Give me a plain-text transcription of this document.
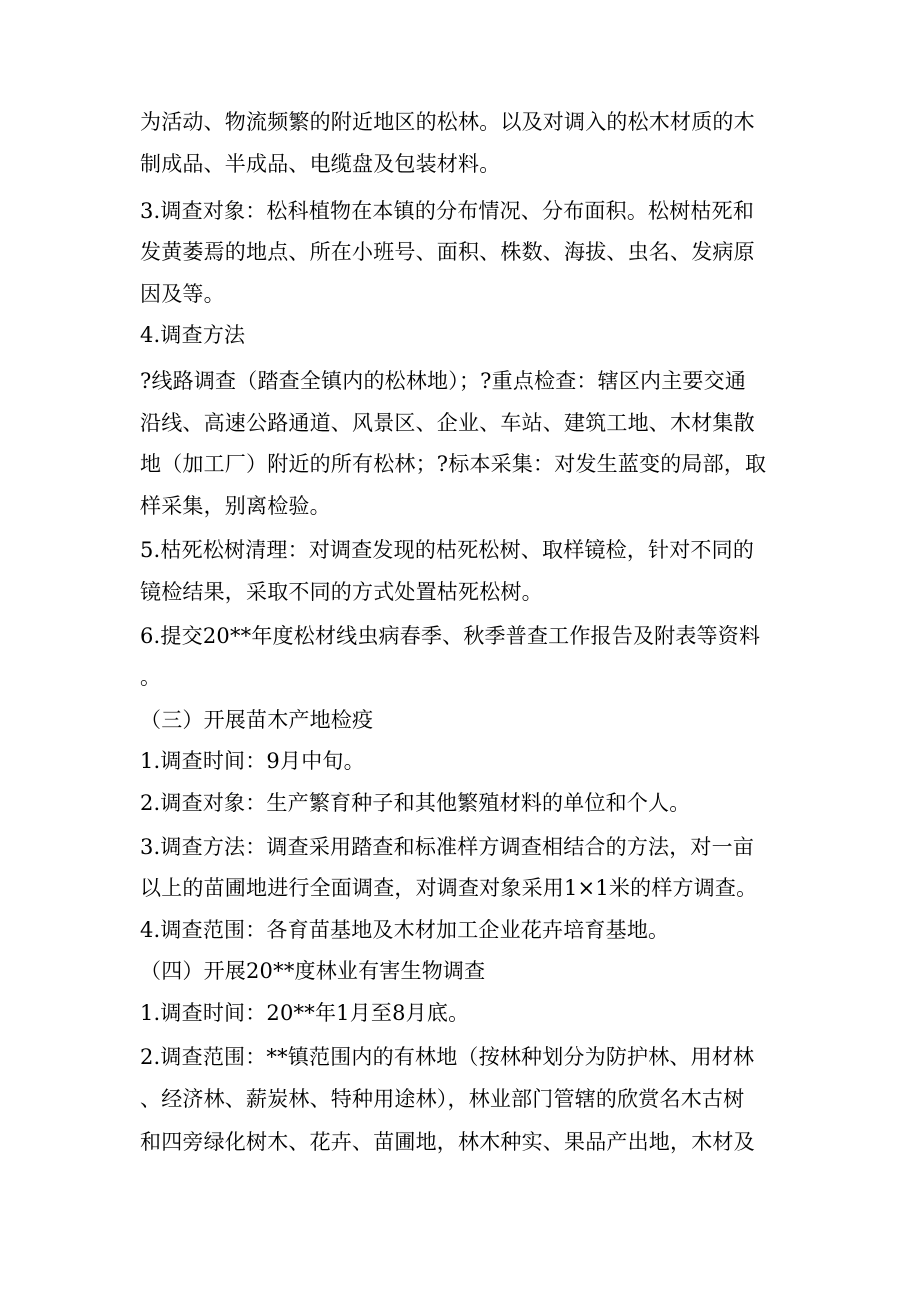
为活动、物流频繁的附近地区的松林。以及对调入的松木材质的木
制成品、半成品、电缆盘及包装材料。
3.调查对象：松科植物在本镇的分布情况、分布面积。松树枯死和
发黄萎焉的地点、所在小班号、面积、株数、海拔、虫名、发病原
因及等。
4.调查方法
?线路调查（踏查全镇内的松林地）；?重点检查：辖区内主要交通
沿线、高速公路通道、风景区、企业、车站、建筑工地、木材集散
地（加工厂）附近的所有松林；?标本采集：对发生蓝变的局部，取
样采集，别离检验。
5.枯死松树清理：对调查发现的枯死松树、取样镜检，针对不同的
镜检结果，采取不同的方式处置枯死松树。
6.提交20**年度松材线虫病春季、秋季普查工作报告及附表等资料
。
（三）开展苗木产地检疫
1.调查时间：9月中旬。
2.调查对象：生产繁育种子和其他繁殖材料的单位和个人。
3.调查方法：调查采用踏查和标准样方调查相结合的方法，对一亩
以上的苗圃地进行全面调查，对调查对象采用1×1米的样方调查。
4.调查范围：各育苗基地及木材加工企业花卉培育基地。
（四）开展20**度林业有害生物调查
1.调查时间：20**年1月至8月底。
2.调查范围：**镇范围内的有林地（按林种划分为防护林、用材林
、经济林、薪炭林、特种用途林），林业部门管辖的欣赏名木古树
和四旁绿化树木、花卉、苗圃地，林木种实、果品产出地，木材及
